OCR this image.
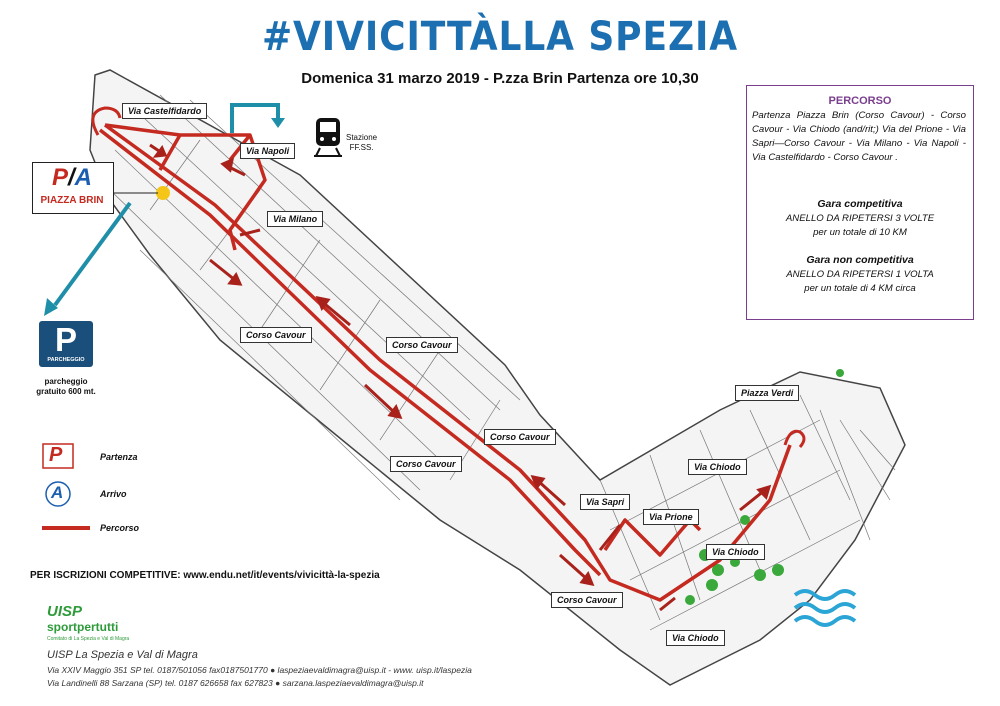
#VIVICITTÀLLA SPEZIA
Domenica 31 marzo 2019 - P.zza Brin Partenza ore 10,30
Via Castelfidardo
Via Napoli
Via Milano
Corso Cavour
Corso Cavour
Corso Cavour
Corso Cavour
Corso Cavour
Piazza Verdi
Via Chiodo
Via Sapri
Via Prione
Via Chiodo
Via Chiodo
P/A
PIAZZA BRIN
Stazione
FF.SS.
P
PARCHEGGIO
parcheggio
gratuito 600 mt.
P	Partenza
A	Arrivo
Percorso
PERCORSO
Partenza Piazza Brin (Corso Cavour) - Corso Cavour - Via Chiodo (and/rit;) Via del Prione - Via Sapri—Corso Cavour - Via Milano - Via Napoli - Via Castelfidardo - Corso Cavour .
Gara competitiva
ANELLO DA RIPETERSI 3 VOLTE
per un totale di 10 KM
Gara non competitiva
ANELLO DA RIPETERSI 1 VOLTA
per un totale di 4 KM circa
PER ISCRIZIONI COMPETITIVE: www.endu.net/it/events/vivicittà-la-spezia
UISP
sportpertutti
Comitato di La Spezia e Val di Magra
UISP La Spezia e Val di Magra
Via XXIV Maggio 351 SP tel. 0187/501056 fax0187501770 ● laspeziaevaldimagra@uisp.it - www. uisp.it/laspezia
Via Landinelli 88 Sarzana (SP) tel. 0187 626658 fax 627823 ● sarzana.laspeziaevaldimagra@uisp.it
